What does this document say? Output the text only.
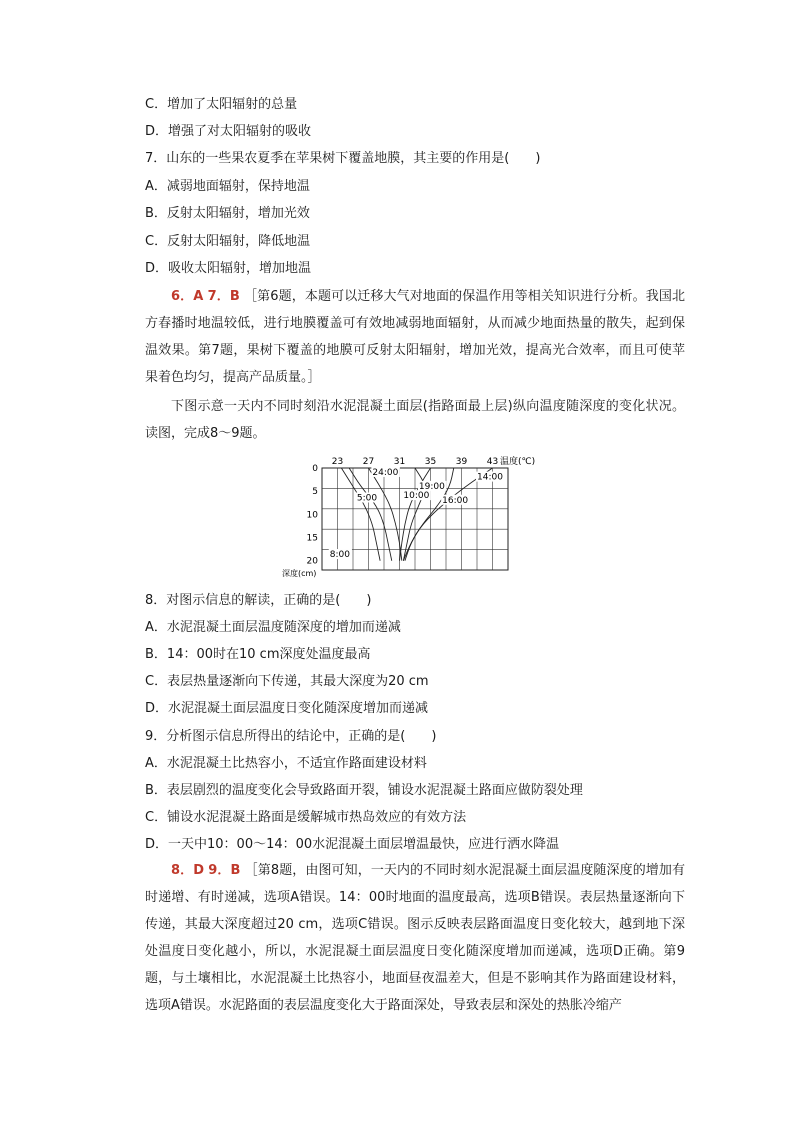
C．增加了太阳辐射的总量
D．增强了对太阳辐射的吸收
7．山东的一些果农夏季在苹果树下覆盖地膜，其主要的作用是(　　)
A．减弱地面辐射，保持地温
B．反射太阳辐射，增加光效
C．反射太阳辐射，降低地温
D．吸收太阳辐射，增加地温
6．A 7．B ［第6题，本题可以迁移大气对地面的保温作用等相关知识进行分析。我国北方春播时地温较低，进行地膜覆盖可有效地减弱地面辐射，从而减少地面热量的散失，起到保温效果。第7题，果树下覆盖的地膜可反射太阳辐射，增加光效，提高光合效率，而且可使苹果着色均匀，提高产品质量。］
下图示意一天内不同时刻沿水泥混凝土面层(指路面最上层)纵向温度随深度的变化状况。读图，完成8～9题。
23 27 31 35 39 43
0
5
10
15
20
8:00
5:00
24:00
10:00
19:00
16:00
14:00
温度(℃)
深度(cm)
8．对图示信息的解读，正确的是(　　)
A．水泥混凝土面层温度随深度的增加而递减
B．14：00时在10 cm深度处温度最高
C．表层热量逐渐向下传递，其最大深度为20 cm
D．水泥混凝土面层温度日变化随深度增加而递减
9．分析图示信息所得出的结论中，正确的是(　　)
A．水泥混凝土比热容小，不适宜作路面建设材料
B．表层剧烈的温度变化会导致路面开裂，铺设水泥混凝土路面应做防裂处理
C．铺设水泥混凝土路面是缓解城市热岛效应的有效方法
D．一天中10：00～14：00水泥混凝土面层增温最快，应进行洒水降温
8．D 9．B ［第8题，由图可知，一天内的不同时刻水泥混凝土面层温度随深度的增加有时递增、有时递减，选项A错误。14：00时地面的温度最高，选项B错误。表层热量逐渐向下传递，其最大深度超过20 cm，选项C错误。图示反映表层路面温度日变化较大，越到地下深处温度日变化越小，所以，水泥混凝土面层温度日变化随深度增加而递减，选项D正确。第9题，与土壤相比，水泥混凝土比热容小，地面昼夜温差大，但是不影响其作为路面建设材料，选项A错误。水泥路面的表层温度变化大于路面深处，导致表层和深处的热胀冷缩产
